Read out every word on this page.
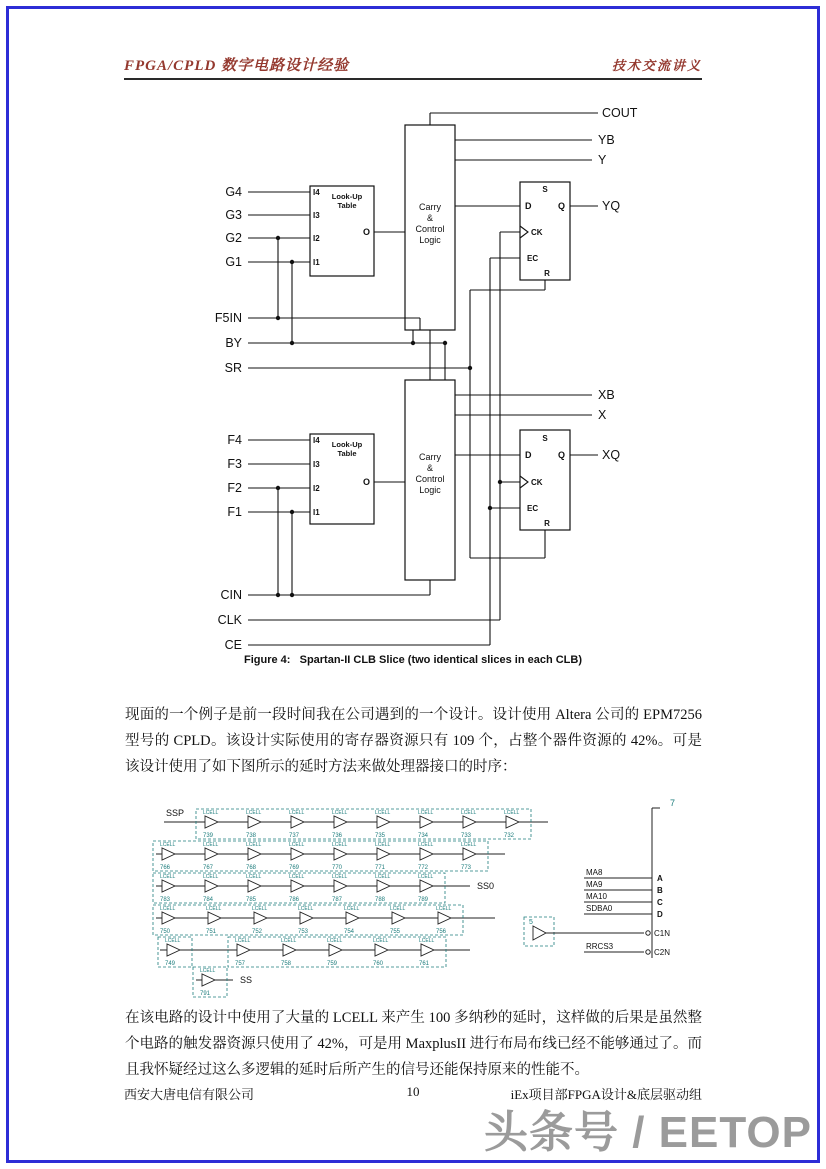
FPGA/CPLD 数字电路设计经验	技术交流讲义
Look-Up
Table
I4
I3
I2
I1
O
Carry
&
Control
Logic
S
D	Q
CK
EC
R
Look-Up
Table
I4
I3
I2
I1
O
Carry
&
Control
Logic
S
D	Q
CK
EC
R
G4
G3
G2
G1
F5IN
BY
SR
F4
F3
F2
F1
CIN
CLK
CE
COUT
YB
Y
YQ
XB
X
XQ
Figure 4:   Spartan-II CLB Slice (two identical slices in each CLB)
现面的一个例子是前一段时间我在公司遇到的一个设计。设计使用 Altera 公司的 EPM7256 型号的 CPLD。该设计实际使用的寄存器资源只有 109 个，占整个器件资源的 42%。可是该设计使用了如下图所示的延时方法来做处理器接口的时序：
LCELL
739
LCELL
738
LCELL
737
LCELL
736
LCELL
735
LCELL
734
LCELL
733
LCELL
732
SSP
LCELL
766
LCELL
767
LCELL
768
LCELL
769
LCELL
770
LCELL
771
LCELL
772
LCELL
773
LCELL
783
LCELL
784
LCELL
785
LCELL
786
LCELL
787
LCELL
788
LCELL
789
SS0
LCELL
750
LCELL
751
LCELL
752
LCELL
753
LCELL
754
LCELL
755
LCELL
756
LCELL
749
LCELL
757
LCELL
758
LCELL
759
LCELL
760
LCELL
761
LCELL
791
SS
7
MA8
A
MA9
B
MA10
C
SDBA0
D
5
C1N
RRCS3
C2N
在该电路的设计中使用了大量的 LCELL 来产生 100 多纳秒的延时，这样做的后果是虽然整个电路的触发器资源只使用了 42%，可是用 MaxplusII 进行布局布线已经不能够通过了。而且我怀疑经过这么多逻辑的延时后所产生的信号还能保持原来的性能不。
西安大唐电信有限公司	10	iEx项目部FPGA设计&底层驱动组
头条号 / EETOP
